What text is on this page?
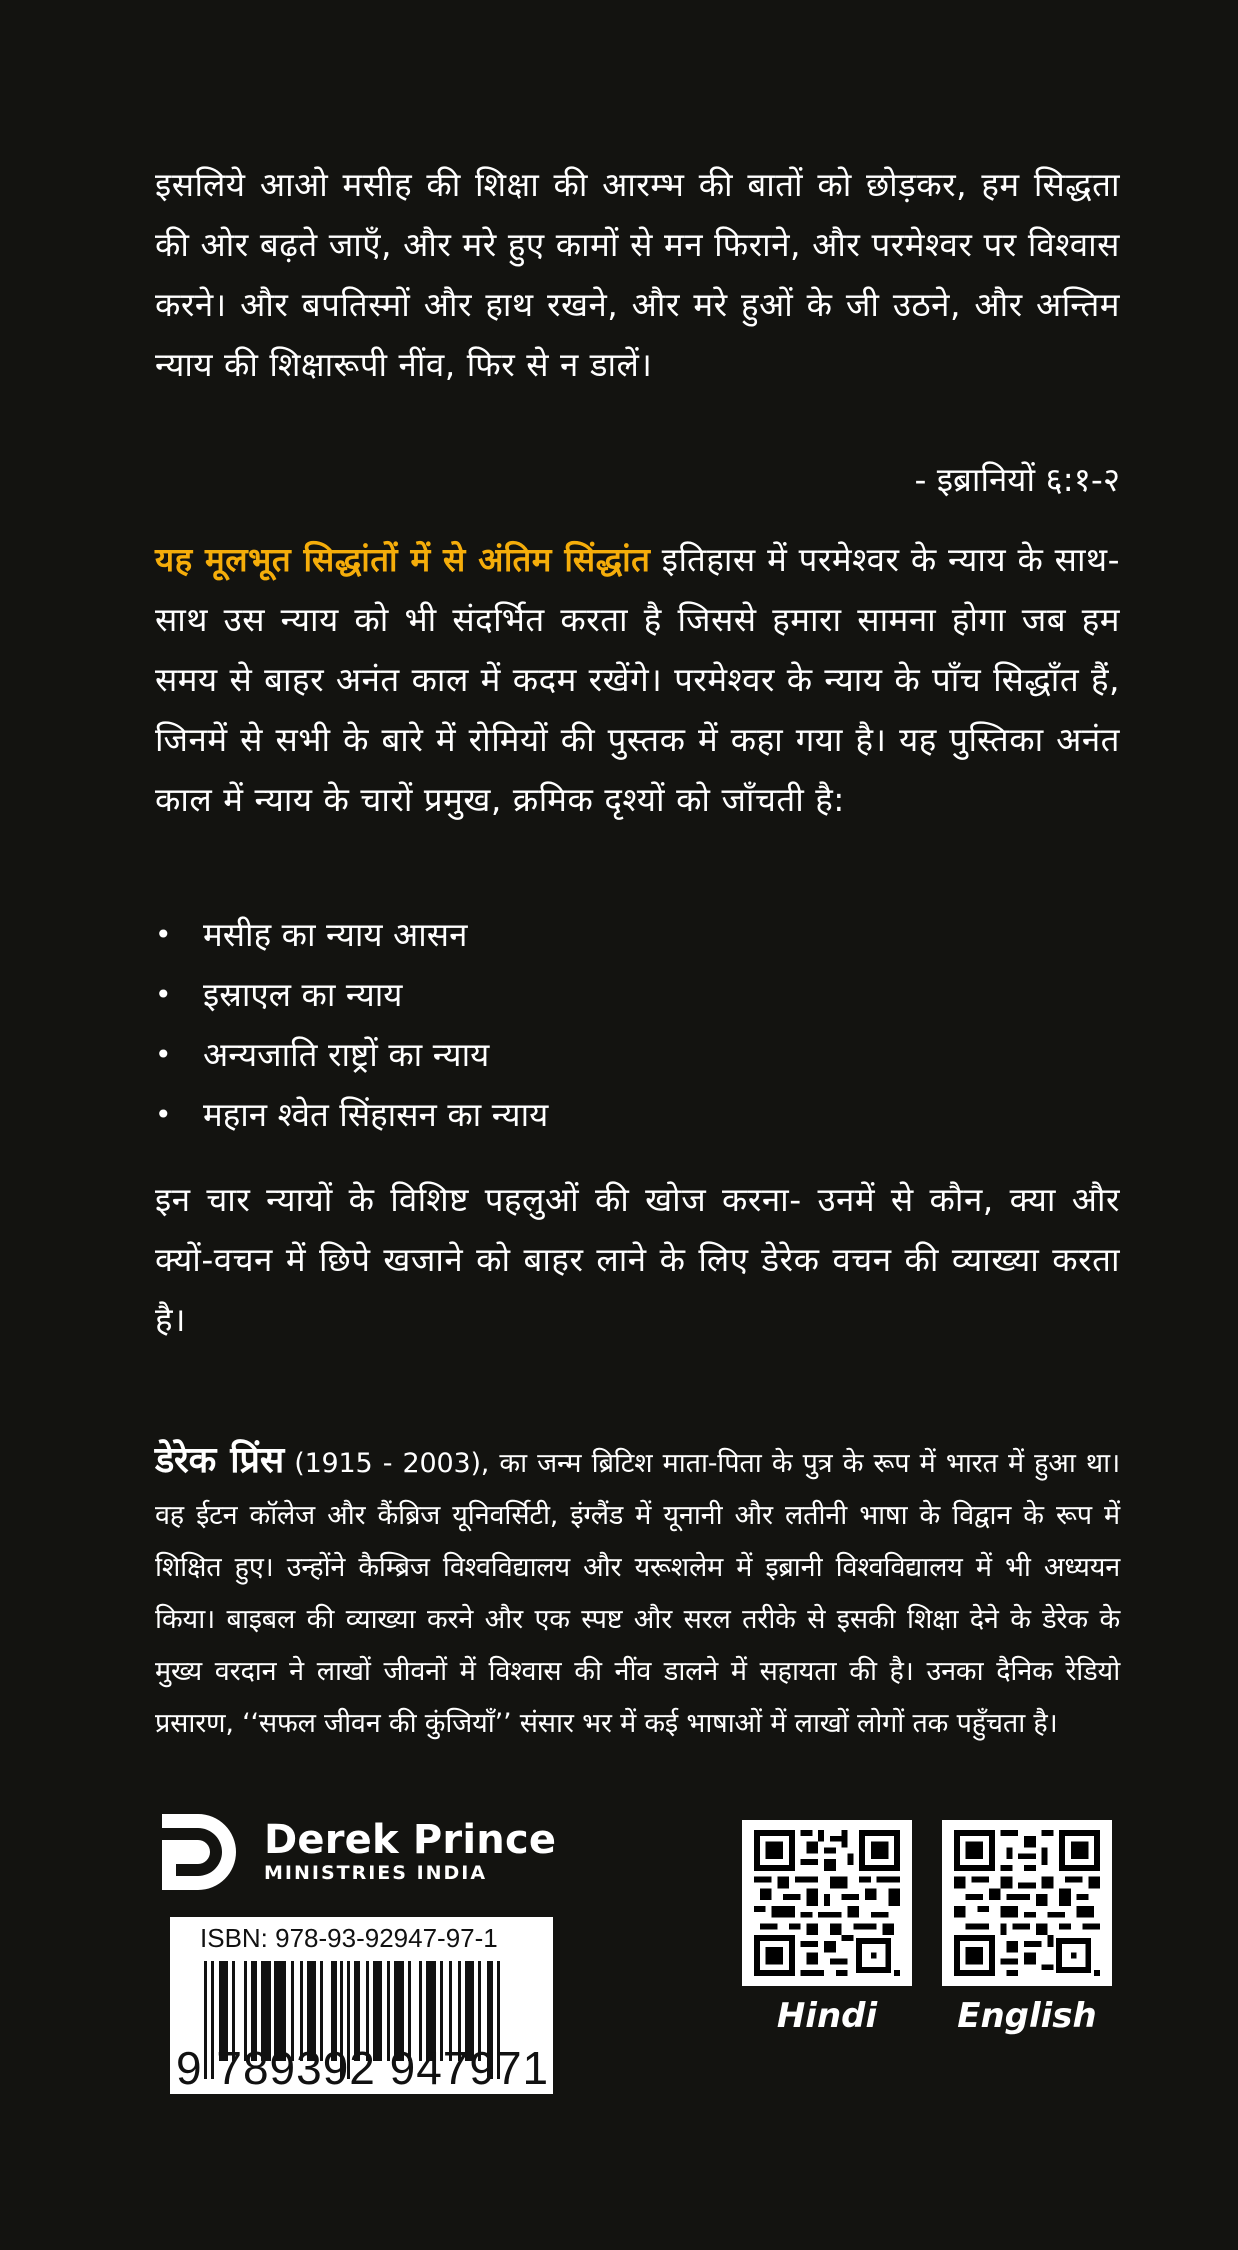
इसलिये आओ मसीह की शिक्षा की आरम्भ की बातों को छोड़कर, हम सिद्धता की ओर बढ़ते जाएँ, और मरे हुए कामों से मन फिराने, और परमेश्वर पर विश्वास करने। और बपतिस्मों और हाथ रखने, और मरे हुओं के जी उठने, और अन्तिम न्याय की शिक्षारूपी नींव, फिर से न डालें।
- इब्रानियों ६:१-२

यह मूलभूत सिद्धांतों में से अंतिम सिंद्धांत इतिहास में परमेश्वर के न्याय के साथ-साथ उस न्याय को भी संदर्भित करता है जिससे हमारा सामना होगा जब हम समय से बाहर अनंत काल में कदम रखेंगे। परमेश्वर के न्याय के पाँच सिद्धाँत हैं, जिनमें से सभी के बारे में रोमियों की पुस्तक में कहा गया है। यह पुस्तिका अनंत काल में न्याय के चारों प्रमुख, क्रमिक दृश्यों को जाँचती है:

• मसीह का न्याय आसन
• इस्राएल का न्याय
• अन्यजाति राष्ट्रों का न्याय
• महान श्वेत सिंहासन का न्याय
इन चार न्यायों के विशिष्ट पहलुओं की खोज करना- उनमें से कौन, क्या और क्यों-वचन में छिपे खजाने को बाहर लाने के लिए डेरेक वचन की व्याख्या करता है।

डेरेक प्रिंस (1915 - 2003), का जन्म ब्रिटिश माता-पिता के पुत्र के रूप में भारत में हुआ था। वह ईटन कॉलेज और कैंब्रिज यूनिवर्सिटी, इंग्लैंड में यूनानी और लतीनी भाषा के विद्वान के रूप में शिक्षित हुए। उन्होंने कैम्ब्रिज विश्वविद्यालय और यरूशलेम में इब्रानी विश्वविद्यालय में भी अध्ययन किया। बाइबल की व्याख्या करने और एक स्पष्ट और सरल तरीके से इसकी शिक्षा देने के डेरेक के मुख्य वरदान ने लाखों जीवनों में विश्वास की नींव डालने में सहायता की है। उनका दैनिक रेडियो प्रसारण, ‘‘सफल जीवन की कुंजियाँ’’ संसार भर में कई भाषाओं में लाखों लोगों तक पहुँचता है।

Derek Prince
MINISTRIES INDIA
ISBN: 978-93-92947-97-1
9 789392 947971
Hindi	English
